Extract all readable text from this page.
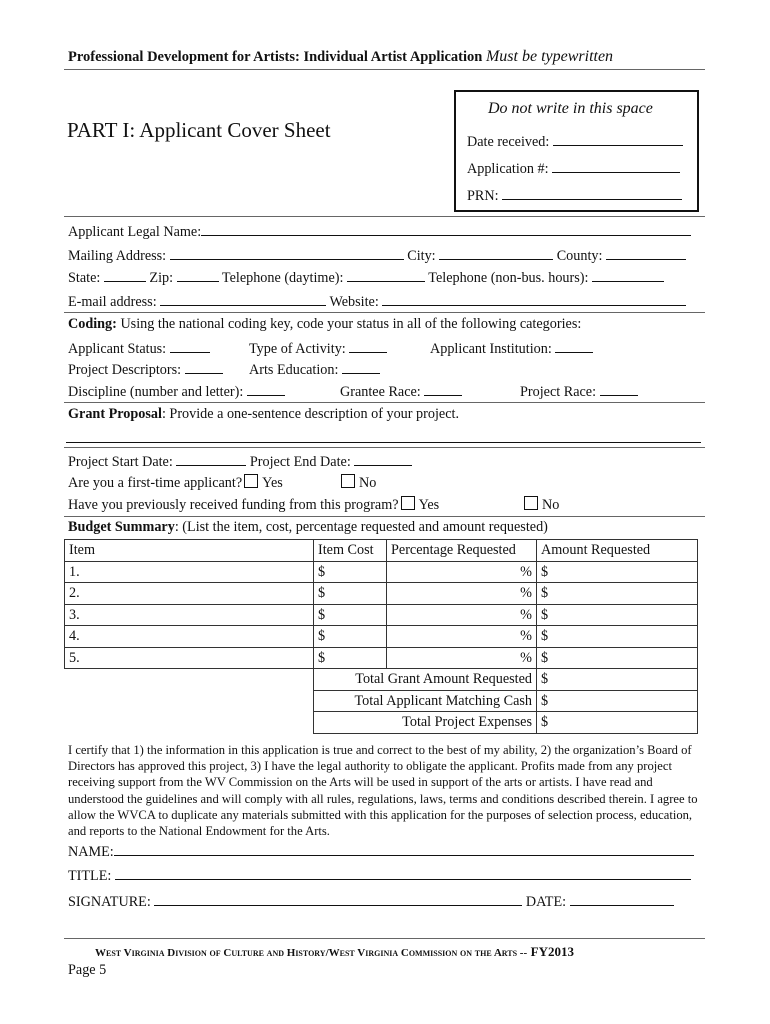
Professional Development for Artists: Individual Artist Application Must be typewritten
PART I: Applicant Cover Sheet
Do not write in this space
Date received:
Application #:
PRN:
Applicant Legal Name:
Mailing Address:	City:	County:
State:	Zip:	Telephone (daytime):	Telephone (non-bus. hours):
E-mail address:	Website:
Coding: Using the national coding key, code your status in all of the following categories:
Applicant Status:	Type of Activity:	Applicant Institution:
Project Descriptors:	Arts Education:
Discipline (number and letter):	Grantee Race:	Project Race:
Grant Proposal: Provide a one-sentence description of your project.
Project Start Date:	Project End Date:
Are you a first-time applicant? Yes	No
Have you previously received funding from this program? Yes	No
Budget Summary: (List the item, cost, percentage requested and amount requested)
Item	Item Cost	Percentage Requested	Amount Requested
1.	$	%	$
2.	$	%	$
3.	$	%	$
4.	$	%	$
5.	$	%	$
	Total Grant Amount Requested		$
	Total Applicant Matching Cash		$
	Total Project Expenses		$
I certify that 1) the information in this application is true and correct to the best of my ability, 2) the organization’s Board of Directors has approved this project, 3) I have the legal authority to obligate the applicant. Profits made from any project receiving support from the WV Commission on the Arts will be used in support of the arts or artists. I have read and understood the guidelines and will comply with all rules, regulations, laws, terms and conditions described therein. I agree to allow the WVCA to duplicate any materials submitted with this application for the purposes of selection process, education, and reports to the National Endowment for the Arts.
NAME:
TITLE:
SIGNATURE:	DATE:
West Virginia Division of Culture and History/West Virginia Commission on the Arts -- FY2013
Page 5
